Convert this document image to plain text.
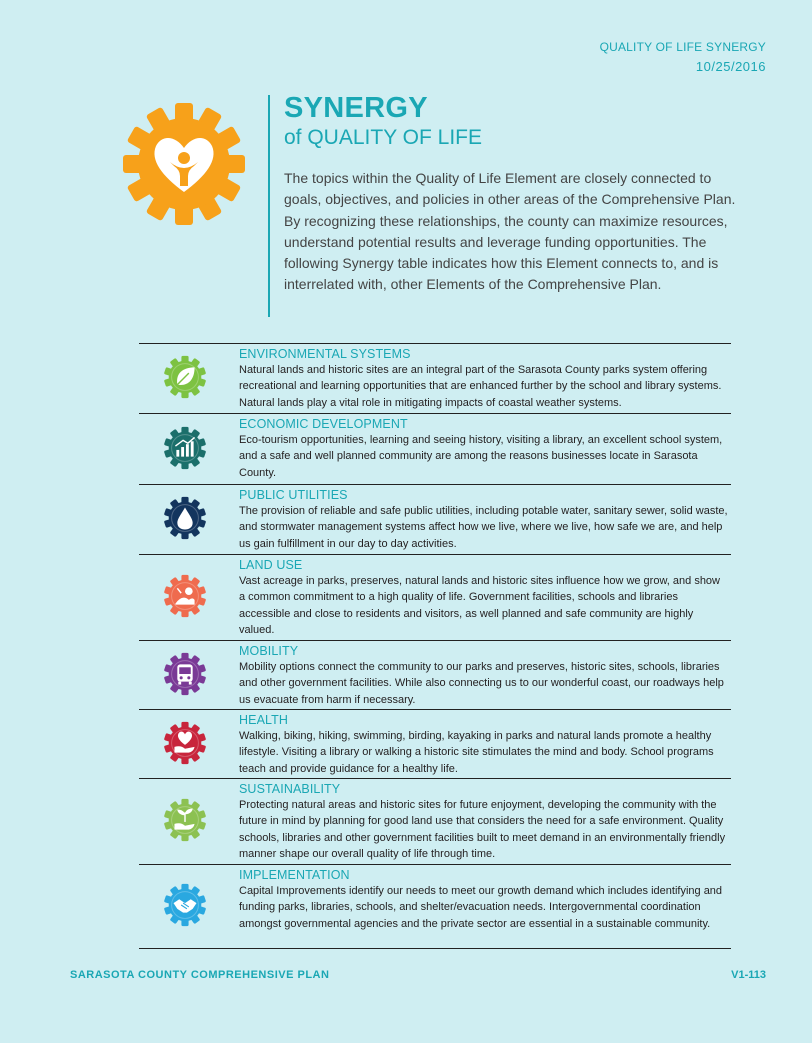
QUALITY OF LIFE SYNERGY
10/25/2016
SYNERGY
of QUALITY OF LIFE
The topics within the Quality of Life Element are closely connected to goals, objectives, and policies in other areas of the Comprehensive Plan. By recognizing these relationships, the county can maximize resources, understand potential results and leverage funding opportunities. The following Synergy table indicates how this Element connects to, and is interrelated with, other Elements of the Comprehensive Plan.
ENVIRONMENTAL SYSTEMS
Natural lands and historic sites are an integral part of the Sarasota County parks system offering recreational and learning opportunities that are enhanced further by the school and library systems. Natural lands play a vital role in mitigating impacts of coastal weather systems.
ECONOMIC DEVELOPMENT
Eco-tourism opportunities, learning and seeing history, visiting a library, an excellent school system, and a safe and well planned community are among the reasons businesses locate in Sarasota County.
PUBLIC UTILITIES
The provision of reliable and safe public utilities, including potable water, sanitary sewer, solid waste, and stormwater management systems affect how we live, where we live, how safe we are, and help us gain fulfillment in our day to day activities.
LAND USE
Vast acreage in parks, preserves, natural lands and historic sites influence how we grow, and show a common commitment to a high quality of life. Government facilities, schools and libraries accessible and close to residents and visitors, as well planned and safe community are highly valued.
MOBILITY
Mobility options connect the community to our parks and preserves, historic sites, schools, libraries and other government facilities. While also connecting us to our wonderful coast, our roadways help us evacuate from harm if necessary.
HEALTH
Walking, biking, hiking, swimming, birding, kayaking in parks and natural lands promote a healthy lifestyle. Visiting a library or walking a historic site stimulates the mind and body. School programs teach and provide guidance for a healthy life.
SUSTAINABILITY
Protecting natural areas and historic sites for future enjoyment, developing the community with the future in mind by planning for good land use that considers the need for a safe environment. Quality schools, libraries and other government facilities built to meet demand in an environmentally friendly manner shape our overall quality of life through time.
IMPLEMENTATION
Capital Improvements identify our needs to meet our growth demand which includes identifying and funding parks, libraries, schools, and shelter/evacuation needs. Intergovernmental coordination amongst governmental agencies and the private sector are essential in a sustainable community.
SARASOTA COUNTY COMPREHENSIVE PLAN	V1-113
